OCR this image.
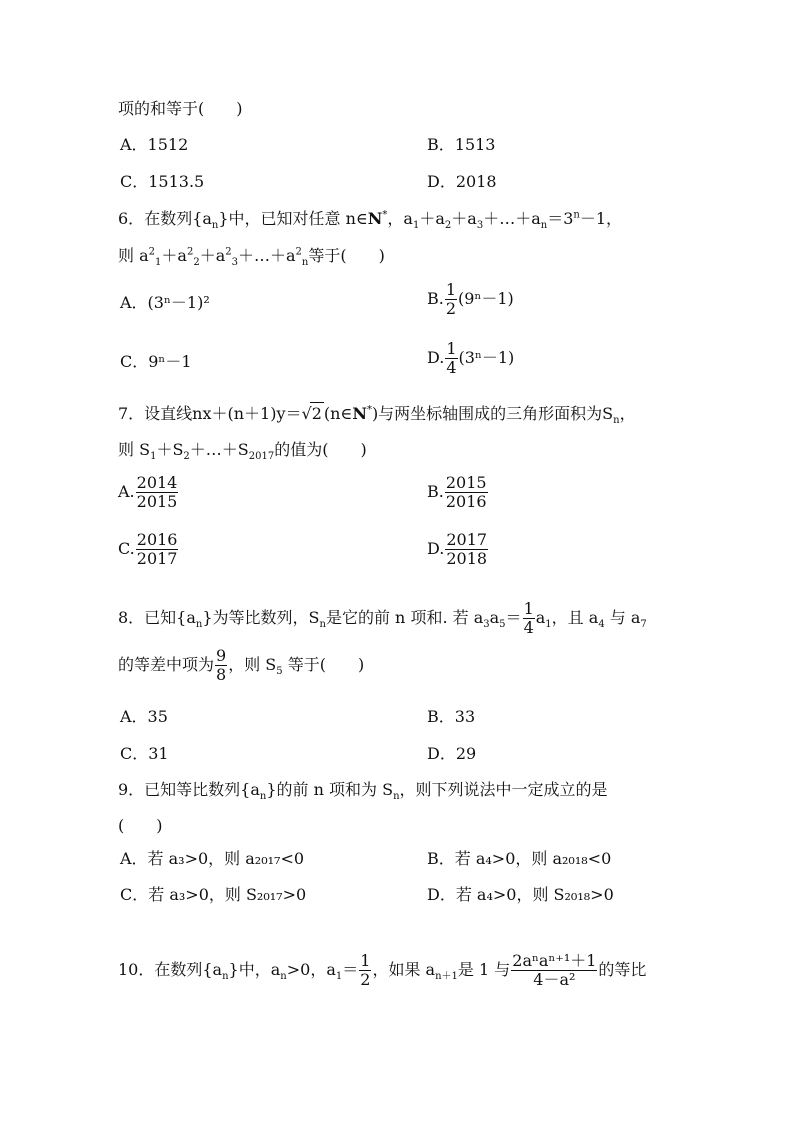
项的和等于(　　)
A．1512	B．1513
C．1513.5	D．2018
6．在数列$\{a_n\}$中，已知对任意 n∈N*，$a_1+a_2+a_3+\dots+a_n=3^n-1$，
则 $a^2_1+a^2_2+a^2_3+\dots+a^2_n$等于(　　)
A．(3ⁿ－1)²	B. $\frac{1}{2} (9^n-1)$
C．9ⁿ－1	D. $\frac{1}{4} (3^n-1)$
7．设直线nx＋(n＋1)y＝√2 (n∈N*)与两坐标轴围成的三角形面积为$S_n$，
则 $S_1+S_2+\dots+S_{2017}$的值为(　　)
A. $\frac{2014}{2015}$	B. $\frac{2015}{2016}$
C. $\frac{2016}{2017}$	D. $\frac{2017}{2018}$
8．已知$\{a_n\}$为等比数列，$S_n$是它的前 n 项和. 若 $a_3a_5= \frac{1}{4} a_1$，且 $a_4$ 与 $a_7$
的等差中项为 $\frac{9}{8}$ ，则 $S_5$ 等于(　　)
A．35	B．33
C．31	D．29
9．已知等比数列$\{a_n\}$的前 n 项和为 $S_n$，则下列说法中一定成立的是
(　　)
A．若 a₃>0，则 a₂₀₁₇<0	B．若 a₄>0，则 a₂₀₁₈<0
C．若 a₃>0，则 S₂₀₁₇>0	D．若 a₄>0，则 S₂₀₁₈>0
10．在数列$\{a_n\}$中，$a_n>0$，$a_1= \frac{1}{2}$ ，如果 $a_{n+1}$是 1 与 $\frac{\text{2aⁿaⁿ⁺¹＋1}}{\text{4－a²}}$ 的等比
